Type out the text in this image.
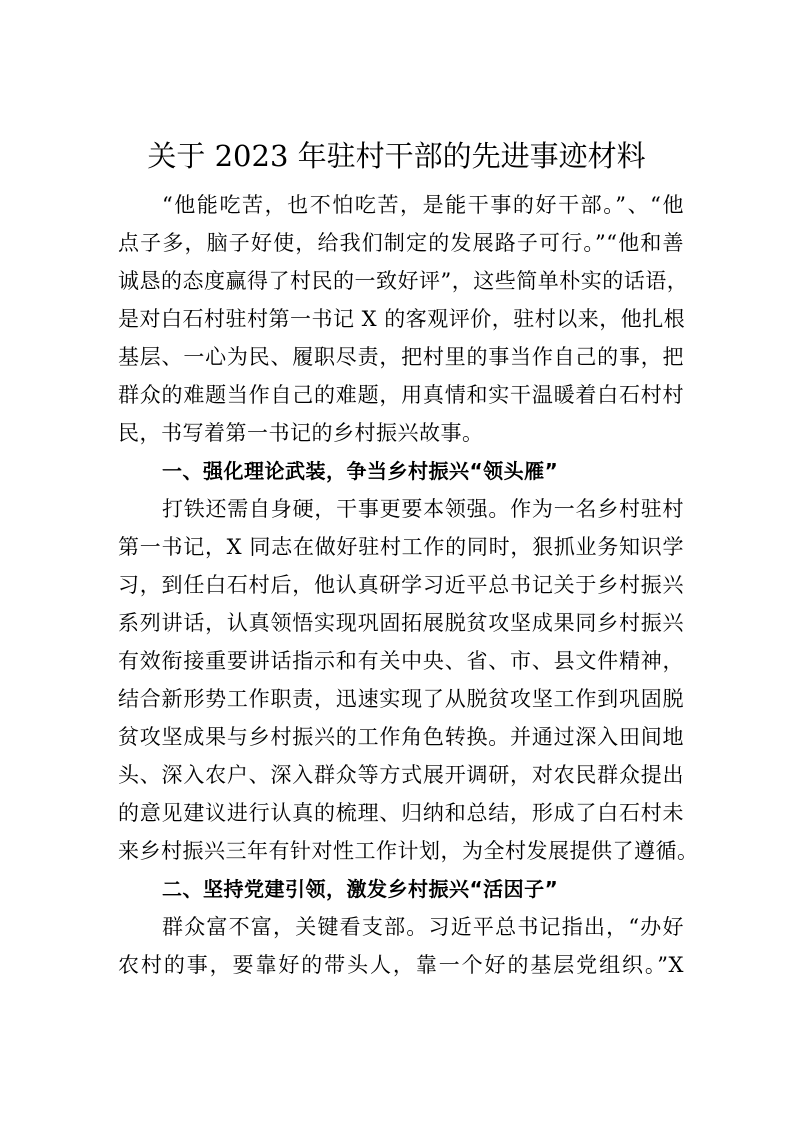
关于 2023 年驻村干部的先进事迹材料
“他能吃苦，也不怕吃苦，是能干事的好干部。”、“他
点子多，脑子好使，给我们制定的发展路子可行。”“他和善
诚恳的态度赢得了村民的一致好评”，这些简单朴实的话语，
是对白石村驻村第一书记 X 的客观评价，驻村以来，他扎根
基层、一心为民、履职尽责，把村里的事当作自己的事，把
群众的难题当作自己的难题，用真情和实干温暖着白石村村
民，书写着第一书记的乡村振兴故事。
一、强化理论武装，争当乡村振兴“领头雁”
打铁还需自身硬，干事更要本领强。作为一名乡村驻村
第一书记，X 同志在做好驻村工作的同时，狠抓业务知识学
习，到任白石村后，他认真研学习近平总书记关于乡村振兴
系列讲话，认真领悟实现巩固拓展脱贫攻坚成果同乡村振兴
有效衔接重要讲话指示和有关中央、省、市、县文件精神，
结合新形势工作职责，迅速实现了从脱贫攻坚工作到巩固脱
贫攻坚成果与乡村振兴的工作角色转换。并通过深入田间地
头、深入农户、深入群众等方式展开调研，对农民群众提出
的意见建议进行认真的梳理、归纳和总结，形成了白石村未
来乡村振兴三年有针对性工作计划，为全村发展提供了遵循。
二、坚持党建引领，激发乡村振兴“活因子”
群众富不富，关键看支部。习近平总书记指出，“办好
农村的事，要靠好的带头人，靠一个好的基层党组织。”X
